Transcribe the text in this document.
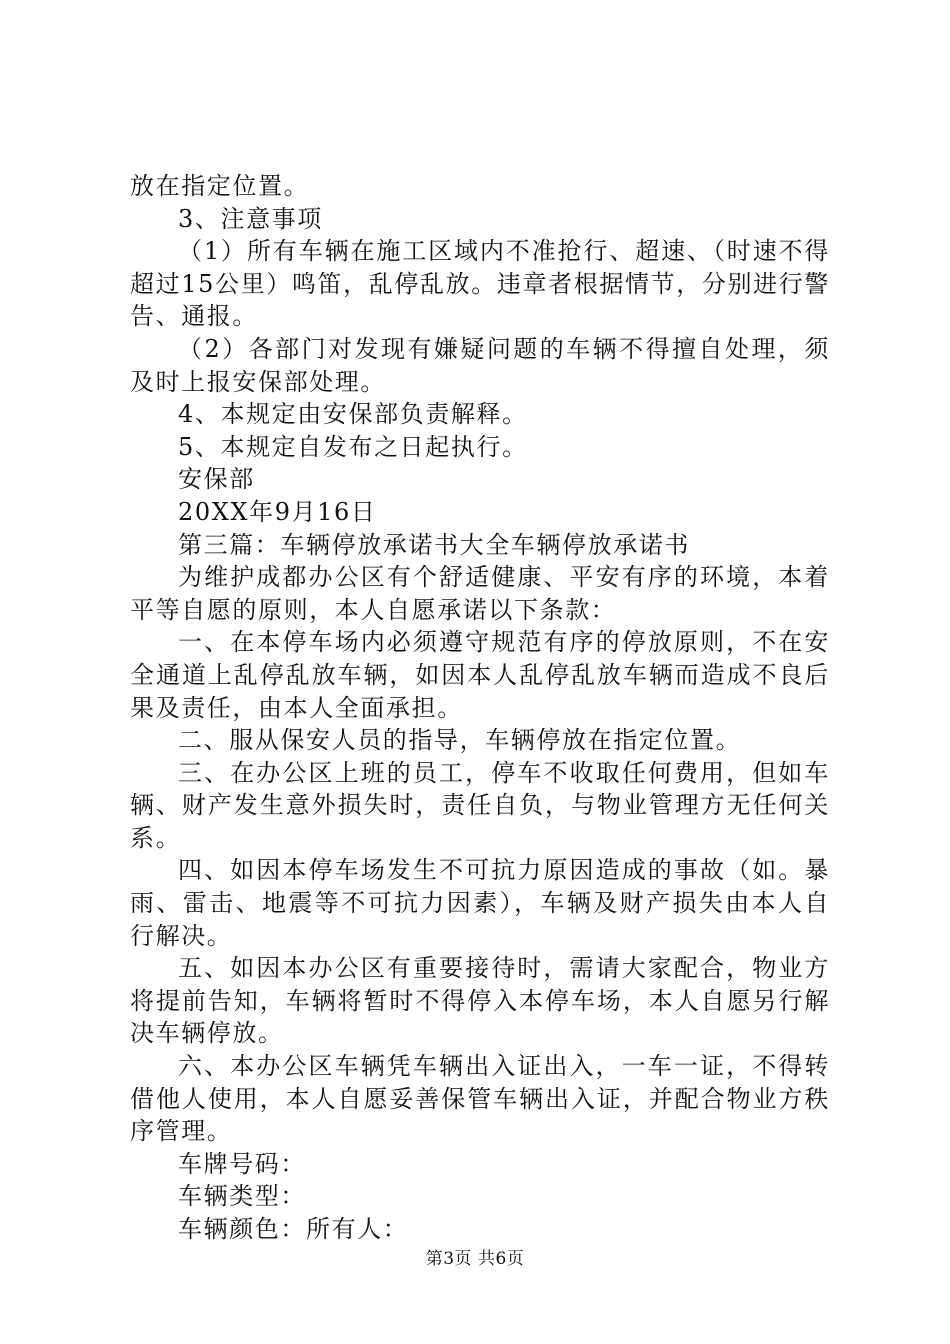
放在指定位置。

3、注意事项

（1）所有车辆在施工区域内不准抢行、超速、（时速不得超过15公里）鸣笛，乱停乱放。违章者根据情节，分别进行警告、通报。

（2）各部门对发现有嫌疑问题的车辆不得擅自处理，须及时上报安保部处理。

4、本规定由安保部负责解释。

5、本规定自发布之日起执行。

安保部

20XX年9月16日

第三篇：车辆停放承诺书大全车辆停放承诺书

为维护成都办公区有个舒适健康、平安有序的环境，本着平等自愿的原则，本人自愿承诺以下条款：

一、在本停车场内必须遵守规范有序的停放原则，不在安全通道上乱停乱放车辆，如因本人乱停乱放车辆而造成不良后果及责任，由本人全面承担。

二、服从保安人员的指导，车辆停放在指定位置。

三、在办公区上班的员工，停车不收取任何费用，但如车辆、财产发生意外损失时，责任自负，与物业管理方无任何关系。

四、如因本停车场发生不可抗力原因造成的事故（如。暴雨、雷击、地震等不可抗力因素），车辆及财产损失由本人自行解决。

五、如因本办公区有重要接待时，需请大家配合，物业方将提前告知，车辆将暂时不得停入本停车场，本人自愿另行解决车辆停放。

六、本办公区车辆凭车辆出入证出入，一车一证，不得转借他人使用，本人自愿妥善保管车辆出入证，并配合物业方秩序管理。

车牌号码：

车辆类型：

车辆颜色：所有人：

第3页 共6页
